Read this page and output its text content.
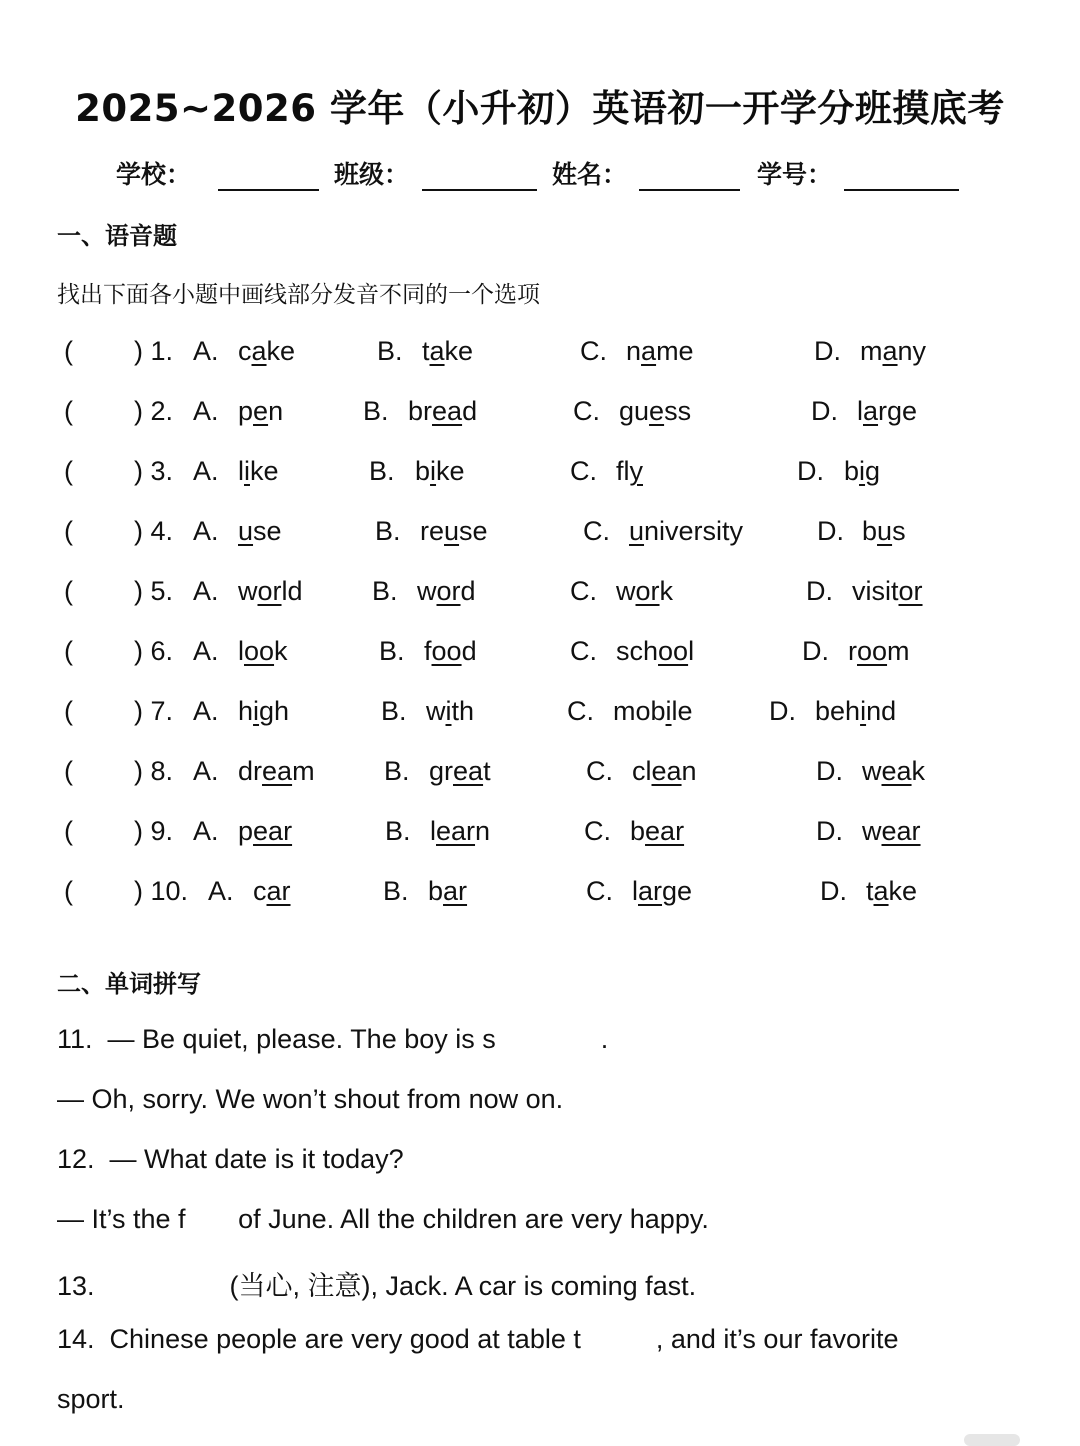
2025~2026 学年（小升初）英语初一开学分班摸底考
学校：	班级：	姓名：	学号：
一、语音题
找出下面各小题中画线部分发音不同的一个选项
( ) 1. A. cake	B. take	C. name	D. many
( ) 2. A. pen	B. bread	C. guess	D. large
( ) 3. A. like	B. bike	C. fly	D. big
( ) 4. A. use	B. reuse	C. university	D. bus
( ) 5. A. world	B. word	C. work	D. visitor
( ) 6. A. look	B. food	C. school	D. room
( ) 7. A. high	B. with	C. mobile	D. behind
( ) 8. A. dream	B. great	C. clean	D. weak
( ) 9. A. pear	B. learn	C. bear	D. wear
( ) 10. A. car	B. bar	C. large	D. take
二、单词拼写
11.  — Be quiet, please. The boy is s              .
— Oh, sorry. We won’t shout from now on.
12.  — What date is it today?
— It’s the f       of June. All the children are very happy.
13.                  (当心, 注意), Jack. A car is coming fast.
14.  Chinese people are very good at table t          , and it’s our favorite
sport.
